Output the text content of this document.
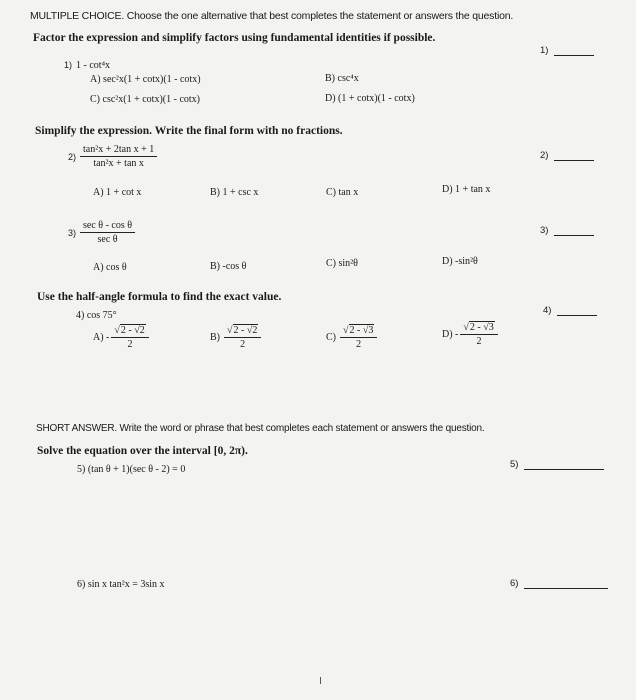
MULTIPLE CHOICE. Choose the one alternative that best completes the statement or answers the question.
Factor the expression and simplify factors using fundamental identities if possible.
1) 1 - cot⁴x
A) sec²x(1 + cotx)(1 - cotx)	B) csc⁴x
C) csc²x(1 + cotx)(1 - cotx)	D) (1 + cotx)(1 - cotx)
1)
Simplify the expression. Write the final form with no fractions.
$2) \frac{\text{tan²x + 2tan x + 1}}{\text{tan²x + tan x}}$
A) 1 + cot x	B) 1 + csc x	C) tan x	D) 1 + tan x
2)
$3) \frac{\text{sec θ - cos θ}}{\text{sec θ}}$
A) cos θ	B) -cos θ	C) sin²θ	D) -sin²θ
3)
Use the half-angle formula to find the exact value.
4) cos 75°
$A) - \frac{√2 - √2}{2}$	$B) \frac{√2 - √2}{2}$	$C) \frac{√2 - √3}{2}$	$D) - \frac{√2 - √3}{2}$
4)
SHORT ANSWER. Write the word or phrase that best completes each statement or answers the question.
Solve the equation over the interval [0, 2π).
5) (tan θ + 1)(sec θ - 2) = 0	5)
6) sin x tan²x = 3sin x	6)
